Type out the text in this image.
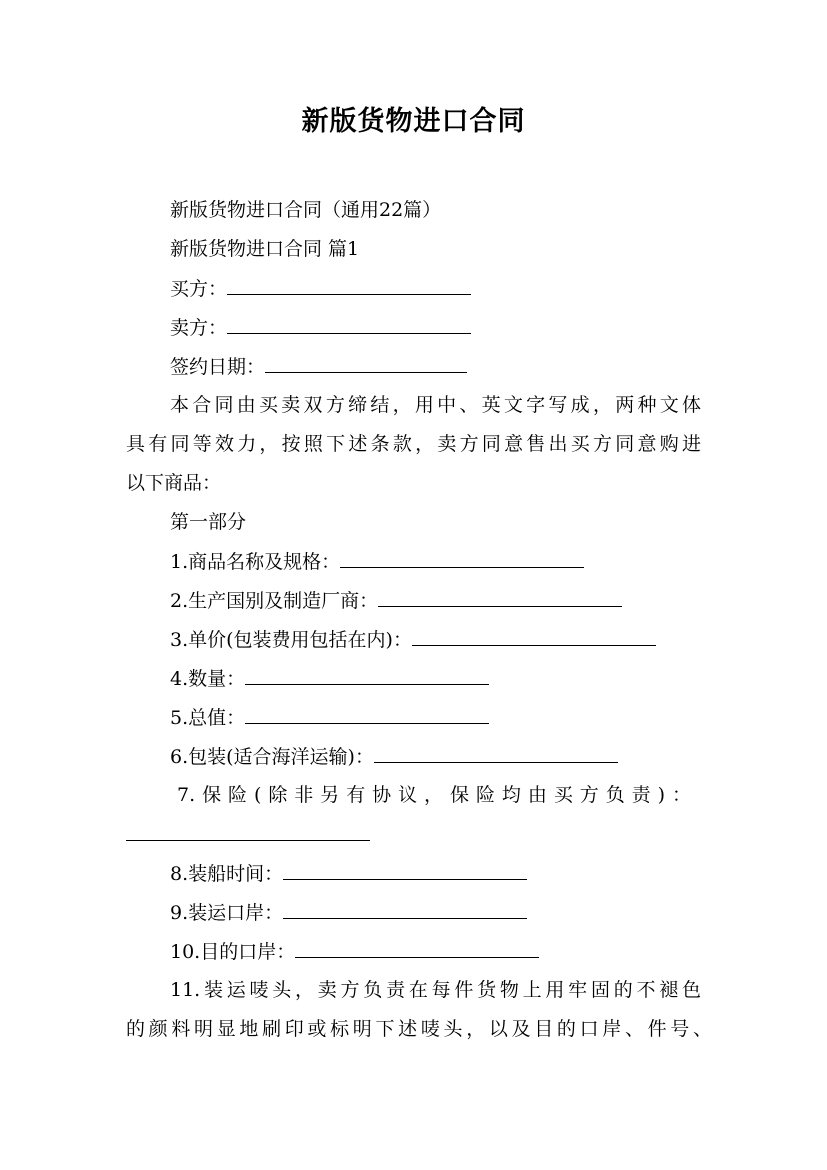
新版货物进口合同
新版货物进口合同（通用22篇）
新版货物进口合同 篇1
买方：
卖方：
签约日期：
本合同由买卖双方缔结，用中、英文字写成，两种文体
具有同等效力，按照下述条款，卖方同意售出买方同意购进
以下商品：
第一部分
1.商品名称及规格：
2.生产国别及制造厂商：
3.单价(包装费用包括在内)：
4.数量：
5.总值：
6.包装(适合海洋运输)：
7.保险(除非另有协议，保险均由买方负责)：
8.装船时间：
9.装运口岸：
10.目的口岸：
11.装运唛头，卖方负责在每件货物上用牢固的不褪色
的颜料明显地刷印或标明下述唛头，以及目的口岸、件号、
